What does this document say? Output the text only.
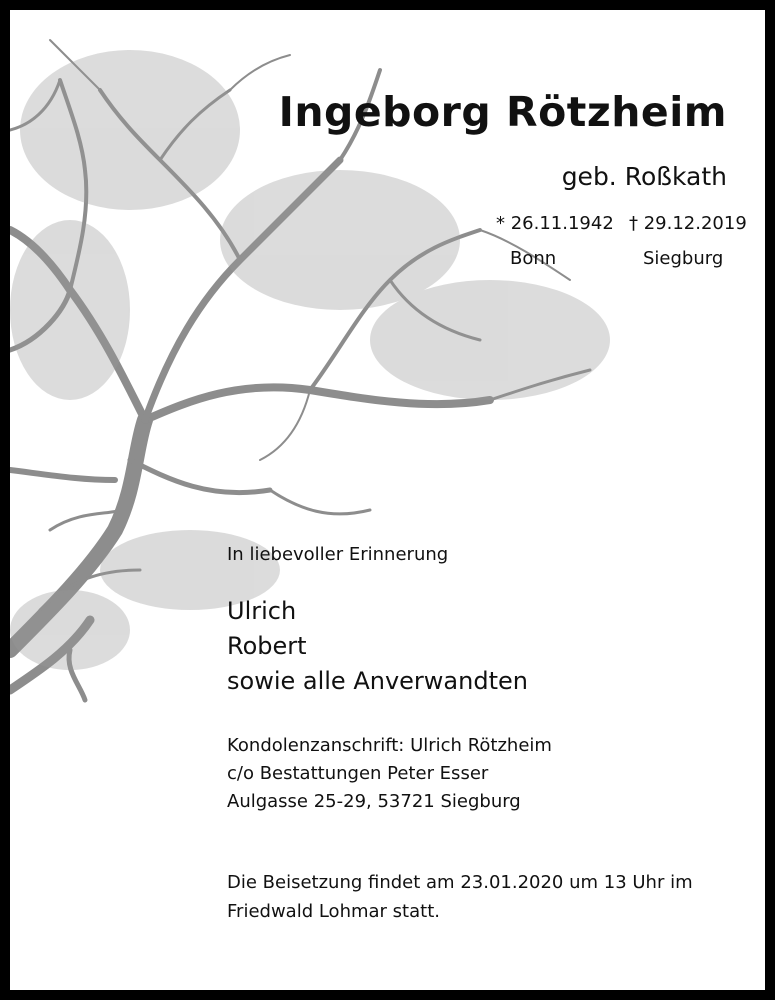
Ingeborg Rötzheim
geb. Roßkath
* 26.11.1942 † 29.12.2019
Bonn	Siegburg
In liebevoller Erinnerung
Ulrich
Robert
sowie alle Anverwandten
Kondolenzanschrift: Ulrich Rötzheim
c/o Bestattungen Peter Esser
Aulgasse 25-29, 53721 Siegburg
Die Beisetzung findet am 23.01.2020 um 13 Uhr im
Friedwald Lohmar statt.
